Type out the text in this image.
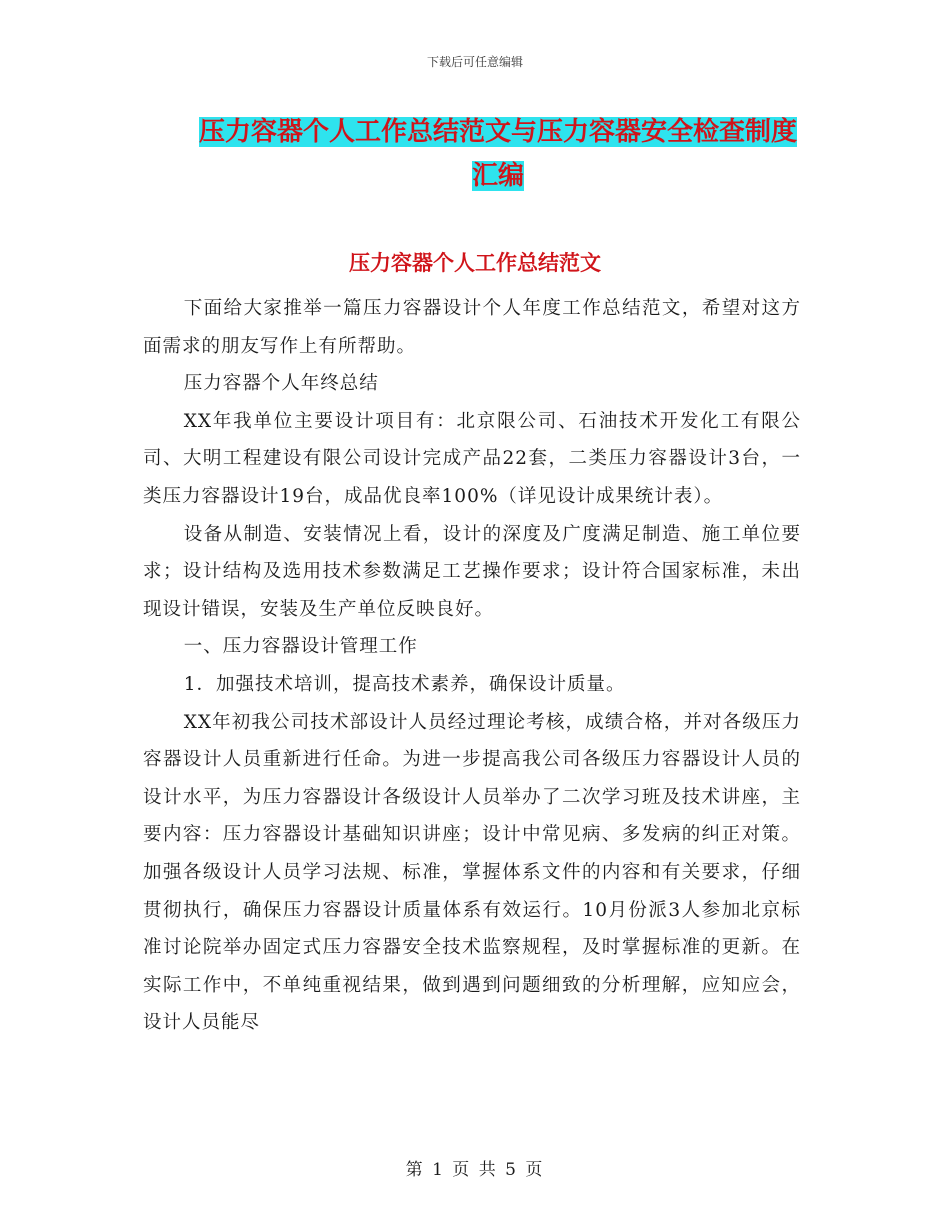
下载后可任意编辑
压力容器个人工作总结范文与压力容器安全检查制度
汇编
压力容器个人工作总结范文

下面给大家推举一篇压力容器设计个人年度工作总结范文，希望对这方面需求的朋友写作上有所帮助。

压力容器个人年终总结

XX年我单位主要设计项目有：北京限公司、石油技术开发化工有限公司、大明工程建设有限公司设计完成产品22套，二类压力容器设计3台，一类压力容器设计19台，成品优良率100%（详见设计成果统计表）。

设备从制造、安装情况上看，设计的深度及广度满足制造、施工单位要求；设计结构及选用技术参数满足工艺操作要求；设计符合国家标准，未出现设计错误，安装及生产单位反映良好。

一、压力容器设计管理工作

1．加强技术培训，提高技术素养，确保设计质量。

XX年初我公司技术部设计人员经过理论考核，成绩合格，并对各级压力容器设计人员重新进行任命。为进一步提高我公司各级压力容器设计人员的设计水平，为压力容器设计各级设计人员举办了二次学习班及技术讲座，主要内容：压力容器设计基础知识讲座；设计中常见病、多发病的纠正对策。加强各级设计人员学习法规、标准，掌握体系文件的内容和有关要求，仔细贯彻执行，确保压力容器设计质量体系有效运行。10月份派3人参加北京标准讨论院举办固定式压力容器安全技术监察规程，及时掌握标准的更新。在实际工作中，不单纯重视结果，做到遇到问题细致的分析理解，应知应会，设计人员能尽

第 1 页 共 5 页
